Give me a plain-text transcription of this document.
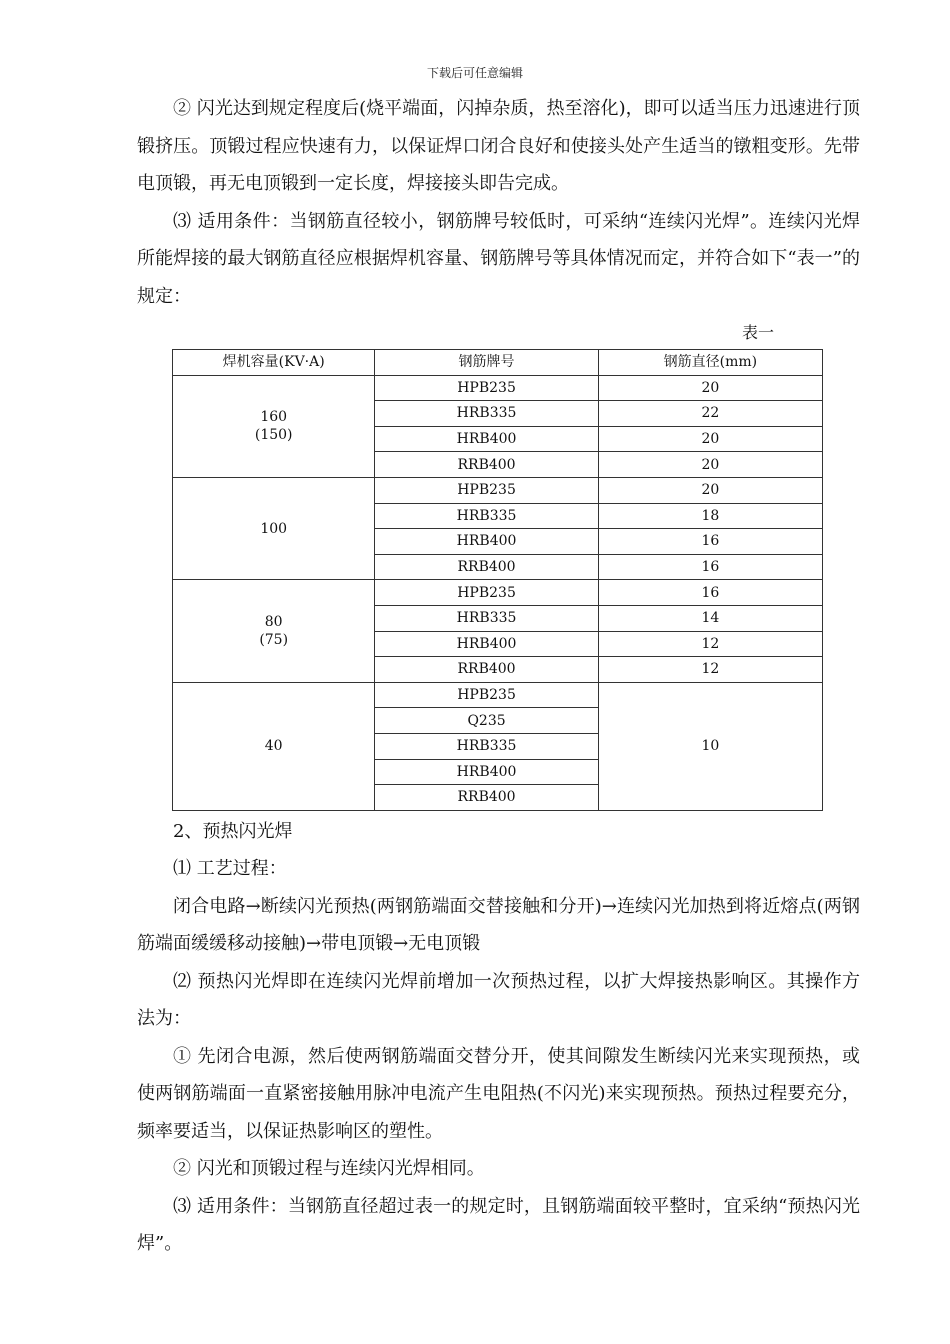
下载后可任意编辑

② 闪光达到规定程度后(烧平端面，闪掉杂质，热至溶化)，即可以适当压力迅速进行顶锻挤压。顶锻过程应快速有力，以保证焊口闭合良好和使接头处产生适当的镦粗变形。先带电顶锻，再无电顶锻到一定长度，焊接接头即告完成。

⑶ 适用条件：当钢筋直径较小，钢筋牌号较低时，可采纳“连续闪光焊”。连续闪光焊所能焊接的最大钢筋直径应根据焊机容量、钢筋牌号等具体情况而定，并符合如下“表一”的规定：

表一
焊机容量(KV·A)	钢筋牌号	钢筋直径(mm)

160
(150)	HPB235	20
	HRB335	22
	HRB400	20
	RRB400	20
100	HPB235	20
	HRB335	18
	HRB400	16
	RRB400	16

80
(75)	HPB235	16
	HRB335	14
	HRB400	12
	RRB400	12
40	HPB235	10
	Q235	
	HRB335	
	HRB400	
	RRB400	

2、预热闪光焊

⑴ 工艺过程：

闭合电路→断续闪光预热(两钢筋端面交替接触和分开)→连续闪光加热到将近熔点(两钢筋端面缓缓移动接触)→带电顶锻→无电顶锻

⑵ 预热闪光焊即在连续闪光焊前增加一次预热过程，以扩大焊接热影响区。其操作方法为：

① 先闭合电源，然后使两钢筋端面交替分开，使其间隙发生断续闪光来实现预热，或使两钢筋端面一直紧密接触用脉冲电流产生电阻热(不闪光)来实现预热。预热过程要充分，频率要适当，以保证热影响区的塑性。

② 闪光和顶锻过程与连续闪光焊相同。

⑶ 适用条件：当钢筋直径超过表一的规定时，且钢筋端面较平整时，宜采纳“预热闪光焊”。
